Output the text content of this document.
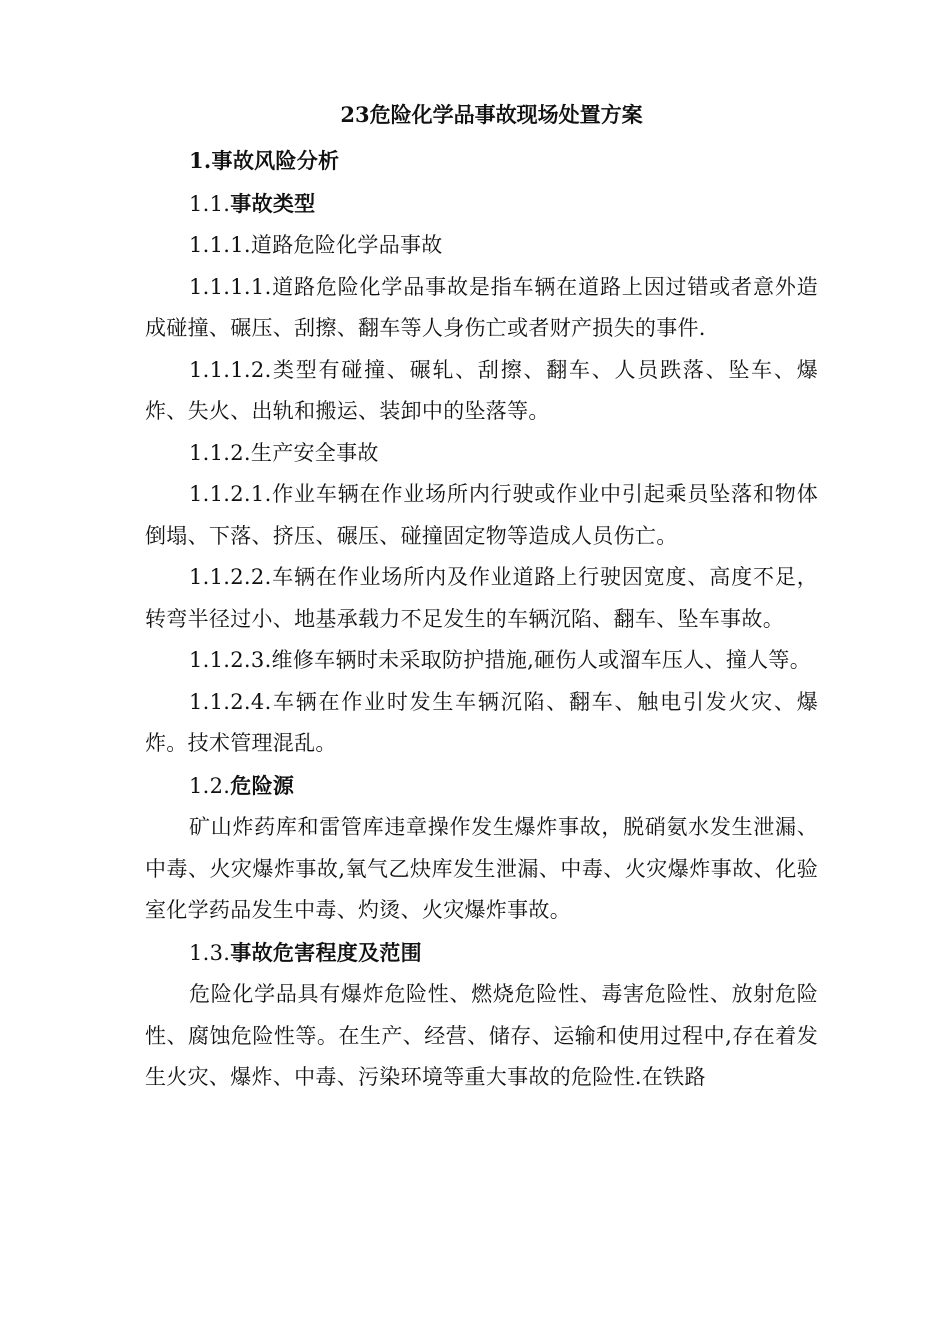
23危险化学品事故现场处置方案

1.事故风险分析

1.1.事故类型

1.1.1.道路危险化学品事故

1.1.1.1.道路危险化学品事故是指车辆在道路上因过错或者意外造成碰撞、碾压、刮擦、翻车等人身伤亡或者财产损失的事件.

1.1.1.2.类型有碰撞、碾轧、刮擦、翻车、人员跌落、坠车、爆炸、失火、出轨和搬运、装卸中的坠落等。

1.1.2.生产安全事故

1.1.2.1.作业车辆在作业场所内行驶或作业中引起乘员坠落和物体倒塌、下落、挤压、碾压、碰撞固定物等造成人员伤亡。

1.1.2.2.车辆在作业场所内及作业道路上行驶因宽度、高度不足，转弯半径过小、地基承载力不足发生的车辆沉陷、翻车、坠车事故。

1.1.2.3.维修车辆时未采取防护措施,砸伤人或溜车压人、撞人等。

1.1.2.4.车辆在作业时发生车辆沉陷、翻车、触电引发火灾、爆炸。技术管理混乱。

1.2.危险源

矿山炸药库和雷管库违章操作发生爆炸事故，脱硝氨水发生泄漏、中毒、火灾爆炸事故,氧气乙炔库发生泄漏、中毒、火灾爆炸事故、化验室化学药品发生中毒、灼烫、火灾爆炸事故。

1.3.事故危害程度及范围

危险化学品具有爆炸危险性、燃烧危险性、毒害危险性、放射危险性、腐蚀危险性等。在生产、经营、储存、运输和使用过程中,存在着发生火灾、爆炸、中毒、污染环境等重大事故的危险性.在铁路
